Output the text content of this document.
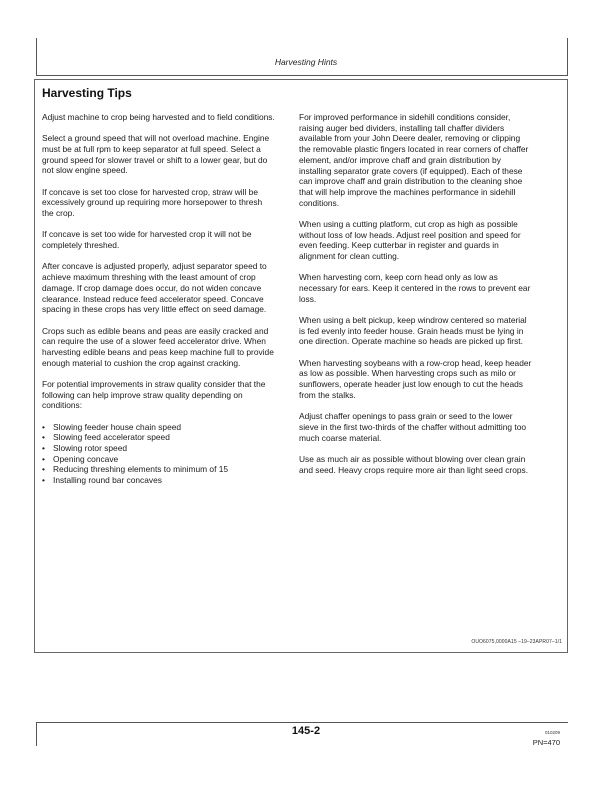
Harvesting Hints
Harvesting Tips

Adjust machine to crop being harvested and to field conditions.

Select a ground speed that will not overload machine. Engine must be at full rpm to keep separator at full speed. Select a ground speed for slower travel or shift to a lower gear, but do not slow engine speed.

If concave is set too close for harvested crop, straw will be excessively ground up requiring more horsepower to thresh the crop.

If concave is set too wide for harvested crop it will not be completely threshed.

After concave is adjusted properly, adjust separator speed to achieve maximum threshing with the least amount of crop damage. If crop damage does occur, do not widen concave clearance. Instead reduce feed accelerator speed. Concave spacing in these crops has very little effect on seed damage.

Crops such as edible beans and peas are easily cracked and can require the use of a slower feed accelerator drive. When harvesting edible beans and peas keep machine full to provide enough material to cushion the crop against cracking.

For potential improvements in straw quality consider that the following can help improve straw quality depending on conditions:

• Slowing feeder house chain speed
• Slowing feed accelerator speed
• Slowing rotor speed
• Opening concave
• Reducing threshing elements to minimum of 15
• Installing round bar concaves

For improved performance in sidehill conditions consider, raising auger bed dividers, installing tall chaffer dividers available from your John Deere dealer, removing or clipping the removable plastic fingers located in rear corners of chaffer element, and/or improve chaff and grain distribution by installing separator grate covers (if equipped). Each of these can improve chaff and grain distribution to the cleaning shoe that will help improve the machines performance in sidehill conditions.

When using a cutting platform, cut crop as high as possible without loss of low heads. Adjust reel position and speed for even feeding. Keep cutterbar in register and guards in alignment for clean cutting.

When harvesting corn, keep corn head only as low as necessary for ears. Keep it centered in the rows to prevent ear loss.

When using a belt pickup, keep windrow centered so material is fed evenly into feeder house. Grain heads must be lying in one direction. Operate machine so heads are picked up first.

When harvesting soybeans with a row-crop head, keep header as low as possible. When harvesting crops such as milo or sunflowers, operate header just low enough to cut the heads from the stalks.

Adjust chaffer openings to pass grain or seed to the lower sieve in the first two-thirds of the chaffer without admitting too much coarse material.

Use as much air as possible without blowing over clean grain and seed. Heavy crops require more air than light seed crops.

OUO6075,0000A15 –19–23APR07–1/1
145-2	010209
PN=470
